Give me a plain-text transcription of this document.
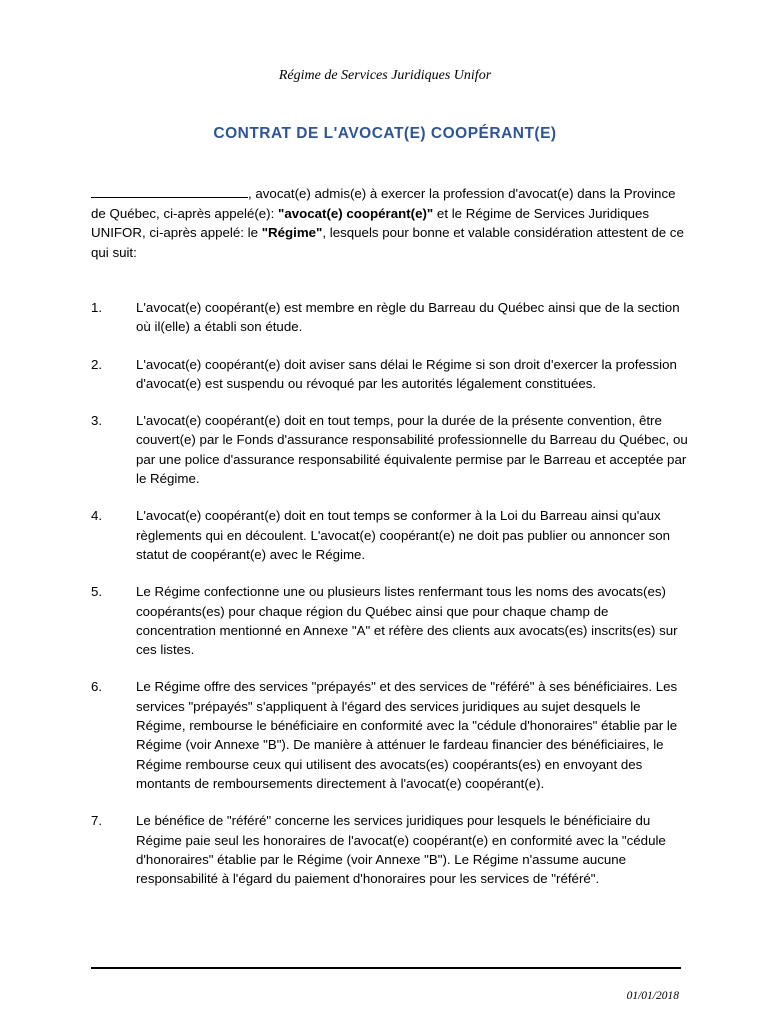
Régime de Services Juridiques Unifor
CONTRAT DE L'AVOCAT(E) COOPÉRANT(E)
, avocat(e) admis(e) à exercer la profession d'avocat(e) dans la Province de Québec, ci-après appelé(e): "avocat(e) coopérant(e)" et le Régime de Services Juridiques UNIFOR, ci-après appelé: le "Régime", lesquels pour bonne et valable considération attestent de ce qui suit:
1.	L'avocat(e) coopérant(e) est membre en règle du Barreau du Québec ainsi que de la section où il(elle) a établi son étude.
2.	L'avocat(e) coopérant(e) doit aviser sans délai le Régime si son droit d'exercer la profession d'avocat(e) est suspendu ou révoqué par les autorités légalement constituées.
3.	L'avocat(e) coopérant(e) doit en tout temps, pour la durée de la présente convention, être couvert(e) par le Fonds d'assurance responsabilité professionnelle du Barreau du Québec, ou par une police d'assurance responsabilité équivalente permise par le Barreau et acceptée par le Régime.
4.	L'avocat(e) coopérant(e) doit en tout temps se conformer à la Loi du Barreau ainsi qu'aux règlements qui en découlent. L'avocat(e) coopérant(e) ne doit pas publier ou annoncer son statut de coopérant(e) avec le Régime.
5.	Le Régime confectionne une ou plusieurs listes renfermant tous les noms des avocats(es) coopérants(es) pour chaque région du Québec ainsi que pour chaque champ de concentration mentionné en Annexe "A" et réfère des clients aux avocats(es) inscrits(es) sur ces listes.
6.	Le Régime offre des services "prépayés" et des services de "référé" à ses bénéficiaires. Les services "prépayés" s'appliquent à l'égard des services juridiques au sujet desquels le Régime, rembourse le bénéficiaire en conformité avec la "cédule d'honoraires" établie par le Régime (voir Annexe "B"). De manière à atténuer le fardeau financier des bénéficiaires, le Régime rembourse ceux qui utilisent des avocats(es) coopérants(es) en envoyant des montants de remboursements directement à l'avocat(e) coopérant(e).
7.	Le bénéfice de "référé" concerne les services juridiques pour lesquels le bénéficiaire du Régime paie seul les honoraires de l'avocat(e) coopérant(e) en conformité avec la "cédule d'honoraires" établie par le Régime (voir Annexe "B"). Le Régime n'assume aucune responsabilité à l'égard du paiement d'honoraires pour les services de "référé".
01/01/2018
